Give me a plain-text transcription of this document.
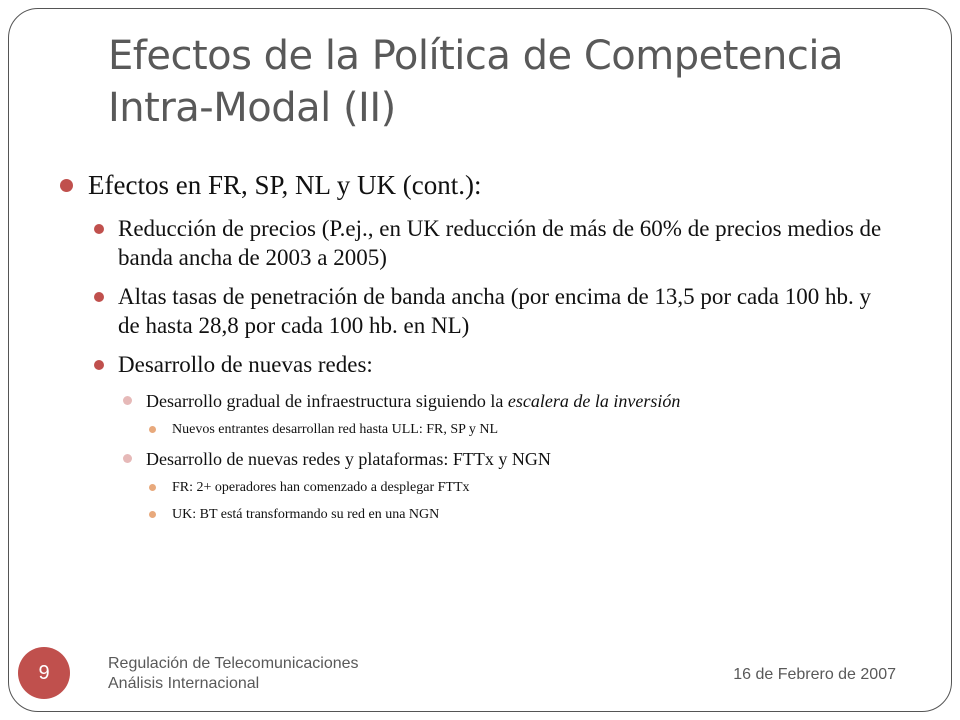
Efectos de la Política de Competencia Intra-Modal (II)
Efectos en FR, SP, NL y UK (cont.):
Reducción de precios (P.ej., en UK reducción de más de 60% de precios medios de banda ancha de 2003 a 2005)
Altas tasas de penetración de banda ancha (por encima de 13,5 por cada 100 hb. y de hasta 28,8 por cada 100 hb. en NL)
Desarrollo de nuevas redes:
Desarrollo gradual de infraestructura siguiendo la escalera de la inversión
Nuevos entrantes desarrollan red hasta ULL: FR, SP y NL
Desarrollo de nuevas redes y plataformas: FTTx y NGN
FR: 2+ operadores han comenzado a desplegar FTTx
UK: BT está transformando su red en una NGN
9	Regulación de Telecomunicaciones
Análisis Internacional
16 de Febrero de 2007
